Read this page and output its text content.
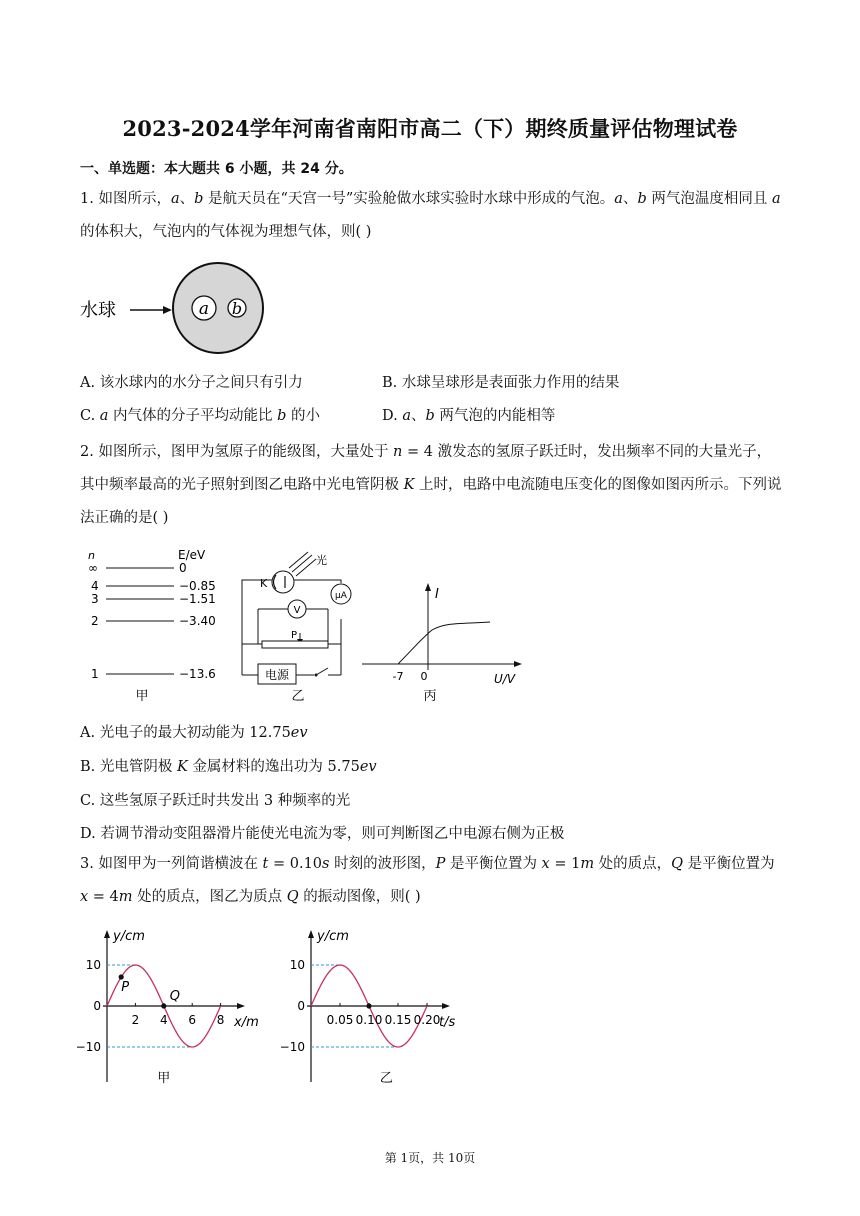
2023-2024学年河南省南阳市高二（下）期终质量评估物理试卷
一、单选题：本大题共 6 小题，共 24 分。
1. 如图所示，𝑎、𝑏 是航天员在“天宫一号”实验舱做水球实验时水球中形成的气泡。𝑎、𝑏 两气泡温度相同且 𝑎 的体积大，气泡内的气体视为理想气体，则( )
水球	a b
A. 该水球内的水分子之间只有引力	B. 水球呈球形是表面张力作用的结果
C. 𝑎 内气体的分子平均动能比 𝑏 的小	D. 𝑎、𝑏 两气泡的内能相等
2. 如图所示，图甲为氢原子的能级图，大量处于 𝑛 = 4 激发态的氢原子跃迁时，发出频率不同的大量光子，其中频率最高的光子照射到图乙电路中光电管阴极 𝐾 上时，电路中电流随电压变化的图像如图丙所示。下列说法正确的是( )
n	E/eV
∞	0
4	−0.85
3	−1.51
2	−3.40
1	−13.6
甲
K
光
μA
V
P
电源
乙
I
-7 0	U/V
丙
A. 光电子的最大初动能为 12.75𝑒𝑣
B. 光电管阴极 𝐾 金属材料的逸出功为 5.75𝑒𝑣
C. 这些氢原子跃迁时共发出 3 种频率的光
D. 若调节滑动变阻器滑片能使光电流为零，则可判断图乙中电源右侧为正极
3. 如图甲为一列简谐横波在 𝑡 = 0.10𝑠 时刻的波形图，𝑃 是平衡位置为 𝑥 = 1𝑚 处的质点，𝑄 是平衡位置为 𝑥 = 4𝑚 处的质点，图乙为质点 𝑄 的振动图像，则( )
10
0
−10
2 4 6 8
y/cm
x/m
甲
P
Q
10
0
−10
0.05 0.10 0.15 0.20
y/cm
t/s
乙
第 1页，共 10页
